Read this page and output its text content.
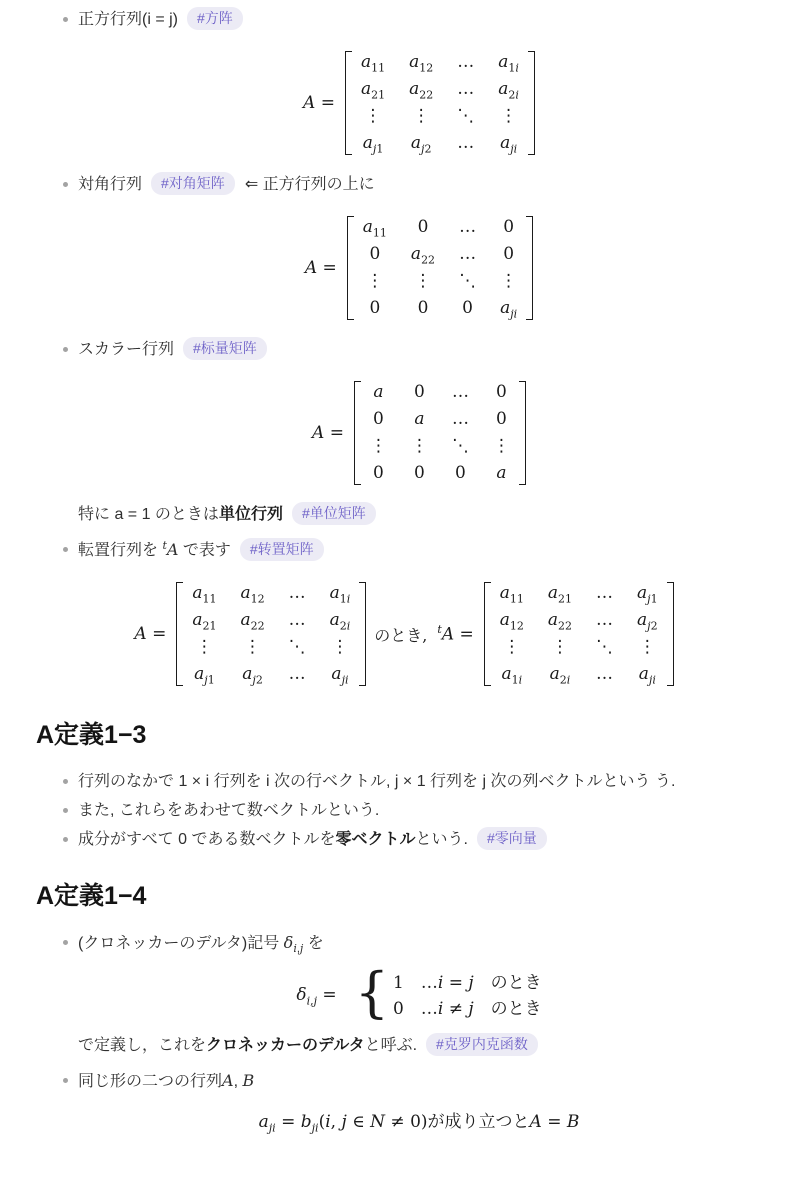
正方行列(i = j) #方阵
A =
$a_{11}$ $a_{12}$ … $a_{1i}$
$a_{21}$ $a_{22}$ … $a_{2i}$
⋮ ⋮ ⋱ ⋮
$a_{j1}$ $a_{j2}$ … $a_{ji}$
対角行列 #对角矩阵 ⇐ 正方行列の上に
A =
$a_{11}$ 0 … 0
0 $a_{22}$ … 0
⋮ ⋮ ⋱ ⋮
0 0 0 $a_{ji}$
スカラー行列 #标量矩阵
A =
a 0 … 0
0 a … 0
⋮ ⋮ ⋱ ⋮
0 0 0 a
特に a = 1 のときは単位行列 #单位矩阵
転置行列を $^t$A で表す #转置矩阵
A =
$a_{11}$ $a_{12}$ … $a_{1i}$
$a_{21}$ $a_{22}$ … $a_{2i}$
⋮ ⋮ ⋱ ⋮
$a_{j1}$ $a_{j2}$ … $a_{ji}$
のとき, $^t$A =
$a_{11}$ $a_{21}$ … $a_{j1}$
$a_{12}$ $a_{22}$ … $a_{j2}$
⋮ ⋮ ⋱ ⋮
$a_{1i}$ $a_{2i}$ … $a_{ji}$
A定義1−3
行列のなかで 1 × i 行列を i 次の行ベクトル, j × 1 行列を j 次の列ベクトルという う.
また, これらをあわせて数ベクトルという.
成分がすべて 0 である数ベクトルを零ベクトルという. #零向量
A定義1−4
(クロネッカーのデルタ)記号 $\delta_{i,j}$ を
$\delta_{i,j}$ = { 1 …i = j のとき
0 …i ≠ j のとき
で定義し，これをクロネッカーのデルタと呼ぶ. #克罗内克函数
同じ形の二つの行列A, B
$a_{ji} = b_{ji}(i$, j ∈ N ≠ 0)が成り立つとA = B
